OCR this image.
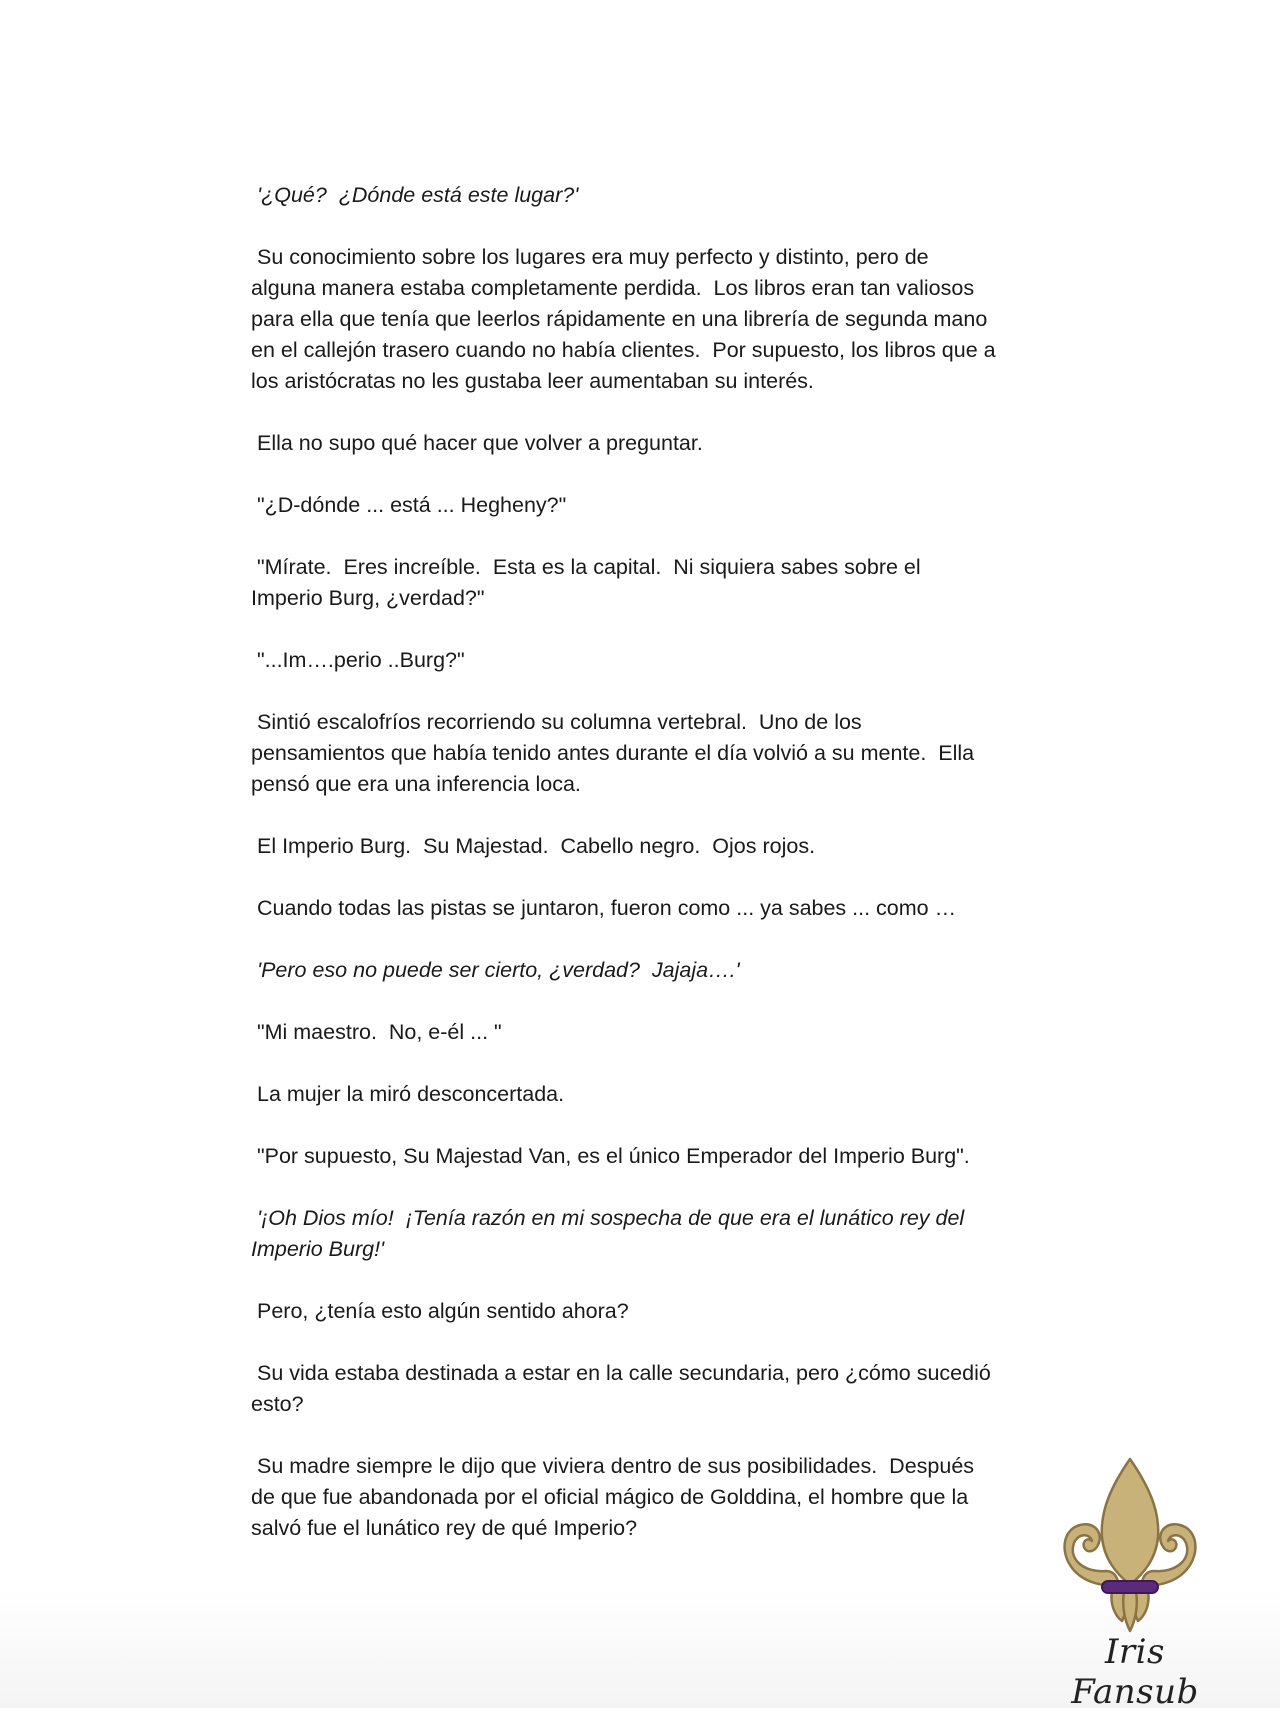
'¿Qué?  ¿Dónde está este lugar?'

Su conocimiento sobre los lugares era muy perfecto y distinto, pero de
alguna manera estaba completamente perdida.  Los libros eran tan valiosos
para ella que tenía que leerlos rápidamente en una librería de segunda mano
en el callejón trasero cuando no había clientes.  Por supuesto, los libros que a
los aristócratas no les gustaba leer aumentaban su interés.

Ella no supo qué hacer que volver a preguntar.

"¿D-dónde ... está ... Hegheny?"

"Mírate.  Eres increíble.  Esta es la capital.  Ni siquiera sabes sobre el
Imperio Burg, ¿verdad?"

"...Im….perio ..Burg?"

Sintió escalofríos recorriendo su columna vertebral.  Uno de los
pensamientos que había tenido antes durante el día volvió a su mente.  Ella
pensó que era una inferencia loca.

El Imperio Burg.  Su Majestad.  Cabello negro.  Ojos rojos.

Cuando todas las pistas se juntaron, fueron como ... ya sabes ... como …

'Pero eso no puede ser cierto, ¿verdad?  Jajaja….'

"Mi maestro.  No, e-él ... "

La mujer la miró desconcertada.

"Por supuesto, Su Majestad Van, es el único Emperador del Imperio Burg".

'¡Oh Dios mío!  ¡Tenía razón en mi sospecha de que era el lunático rey del
Imperio Burg!'

Pero, ¿tenía esto algún sentido ahora?

Su vida estaba destinada a estar en la calle secundaria, pero ¿cómo sucedió
esto?

Su madre siempre le dijo que viviera dentro de sus posibilidades.  Después
de que fue abandonada por el oficial mágico de Golddina, el hombre que la
salvó fue el lunático rey de qué Imperio?

Iris Fansub
